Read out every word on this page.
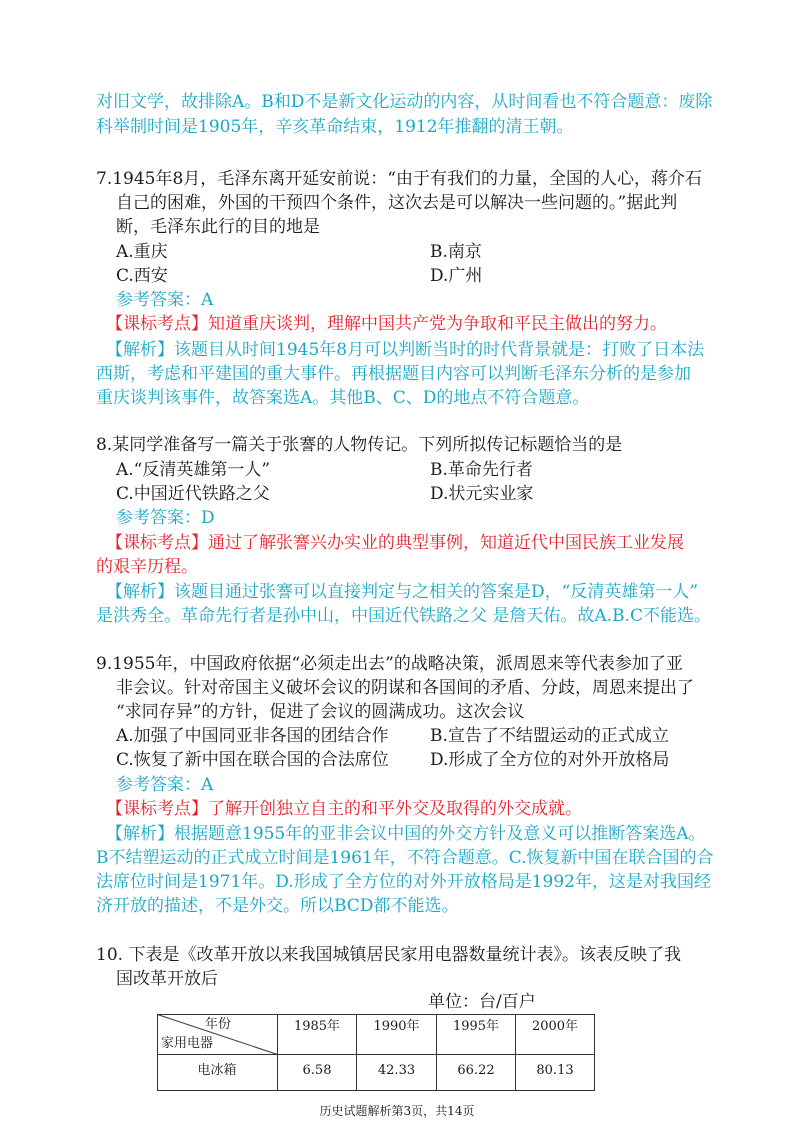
对旧文学，故排除A。B和D不是新文化运动的内容，从时间看也不符合题意：废除
科举制时间是1905年，辛亥革命结束，1912年推翻的清王朝。
7.1945年8月，毛泽东离开延安前说：“由于有我们的力量，全国的人心，蒋介石
自己的困难，外国的干预四个条件，这次去是可以解决一些问题的。”据此判
断，毛泽东此行的目的地是
A.重庆	B.南京
C.西安	D.广州
参考答案：A
【课标考点】知道重庆谈判，理解中国共产党为争取和平民主做出的努力。
【解析】该题目从时间1945年8月可以判断当时的时代背景就是：打败了日本法
西斯，考虑和平建国的重大事件。再根据题目内容可以判断毛泽东分析的是参加
重庆谈判该事件，故答案选A。其他B、C、D的地点不符合题意。
8.某同学准备写一篇关于张謇的人物传记。下列所拟传记标题恰当的是
A.“反清英雄第一人”	B.革命先行者
C.中国近代铁路之父	D.状元实业家
参考答案：D
【课标考点】通过了解张謇兴办实业的典型事例，知道近代中国民族工业发展
的艰辛历程。
【解析】该题目通过张謇可以直接判定与之相关的答案是D，“反清英雄第一人”
是洪秀全。革命先行者是孙中山，中国近代铁路之父 是詹天佑。故A.B.C不能选。
9.1955年，中国政府依据“必须走出去”的战略决策，派周恩来等代表参加了亚
非会议。针对帝国主义破坏会议的阴谋和各国间的矛盾、分歧，周恩来提出了
“求同存异”的方针，促进了会议的圆满成功。这次会议
A.加强了中国同亚非各国的团结合作 B.宣告了不结盟运动的正式成立
C.恢复了新中国在联合国的合法席位 D.形成了全方位的对外开放格局
参考答案：A
【课标考点】了解开创独立自主的和平外交及取得的外交成就。
【解析】根据题意1955年的亚非会议中国的外交方针及意义可以推断答案选A。
B不结塑运动的正式成立时间是1961年，不符合题意。C.恢复新中国在联合国的合
法席位时间是1971年。D.形成了全方位的对外开放格局是1992年，这是对我国经
济开放的描述，不是外交。所以BCD都不能选。
10. 下表是《改革开放以来我国城镇居民家用电器数量统计表》。该表反映了我
国改革开放后
单位：台/百户
年份
家用电器
1985年	1990年	1995年	2000年
电冰箱	6.58	42.33	66.22	80.13
历史试题解析第3页，共14页
